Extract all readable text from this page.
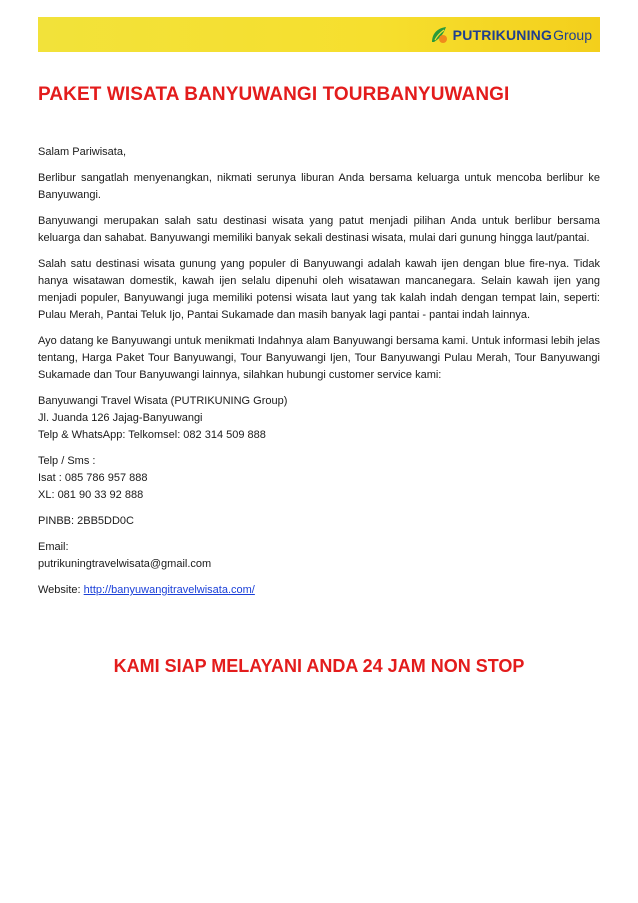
PUTRIKUNING Group
PAKET WISATA BANYUWANGI TOURBANYUWANGI

Salam Pariwisata,

Berlibur sangatlah menyenangkan, nikmati serunya liburan Anda bersama keluarga untuk mencoba berlibur ke Banyuwangi.

Banyuwangi merupakan salah satu destinasi wisata yang patut menjadi pilihan Anda untuk berlibur bersama keluarga dan sahabat. Banyuwangi memiliki banyak sekali destinasi wisata, mulai dari gunung hingga laut/pantai.

Salah satu destinasi wisata gunung yang populer di Banyuwangi adalah kawah ijen dengan blue fire-nya. Tidak hanya wisatawan domestik, kawah ijen selalu dipenuhi oleh wisatawan mancanegara. Selain kawah ijen yang menjadi populer, Banyuwangi juga memiliki potensi wisata laut yang tak kalah indah dengan tempat lain, seperti: Pulau Merah, Pantai Teluk Ijo, Pantai Sukamade dan masih banyak lagi pantai - pantai indah lainnya.

Ayo datang ke Banyuwangi untuk menikmati Indahnya alam Banyuwangi bersama kami. Untuk informasi lebih jelas tentang, Harga Paket Tour Banyuwangi, Tour Banyuwangi Ijen, Tour Banyuwangi Pulau Merah, Tour Banyuwangi Sukamade dan Tour Banyuwangi lainnya, silahkan hubungi customer service kami:

Banyuwangi Travel Wisata (PUTRIKUNING Group)
Jl. Juanda 126 Jajag-Banyuwangi
Telp & WhatsApp: Telkomsel: 082 314 509 888

Telp / Sms :
Isat : 085 786 957 888
XL: 081 90 33 92 888

PINBB: 2BB5DD0C

Email:
putrikuningtravelwisata@gmail.com

Website: http://banyuwangitravelwisata.com/

KAMI SIAP MELAYANI ANDA 24 JAM NON STOP
